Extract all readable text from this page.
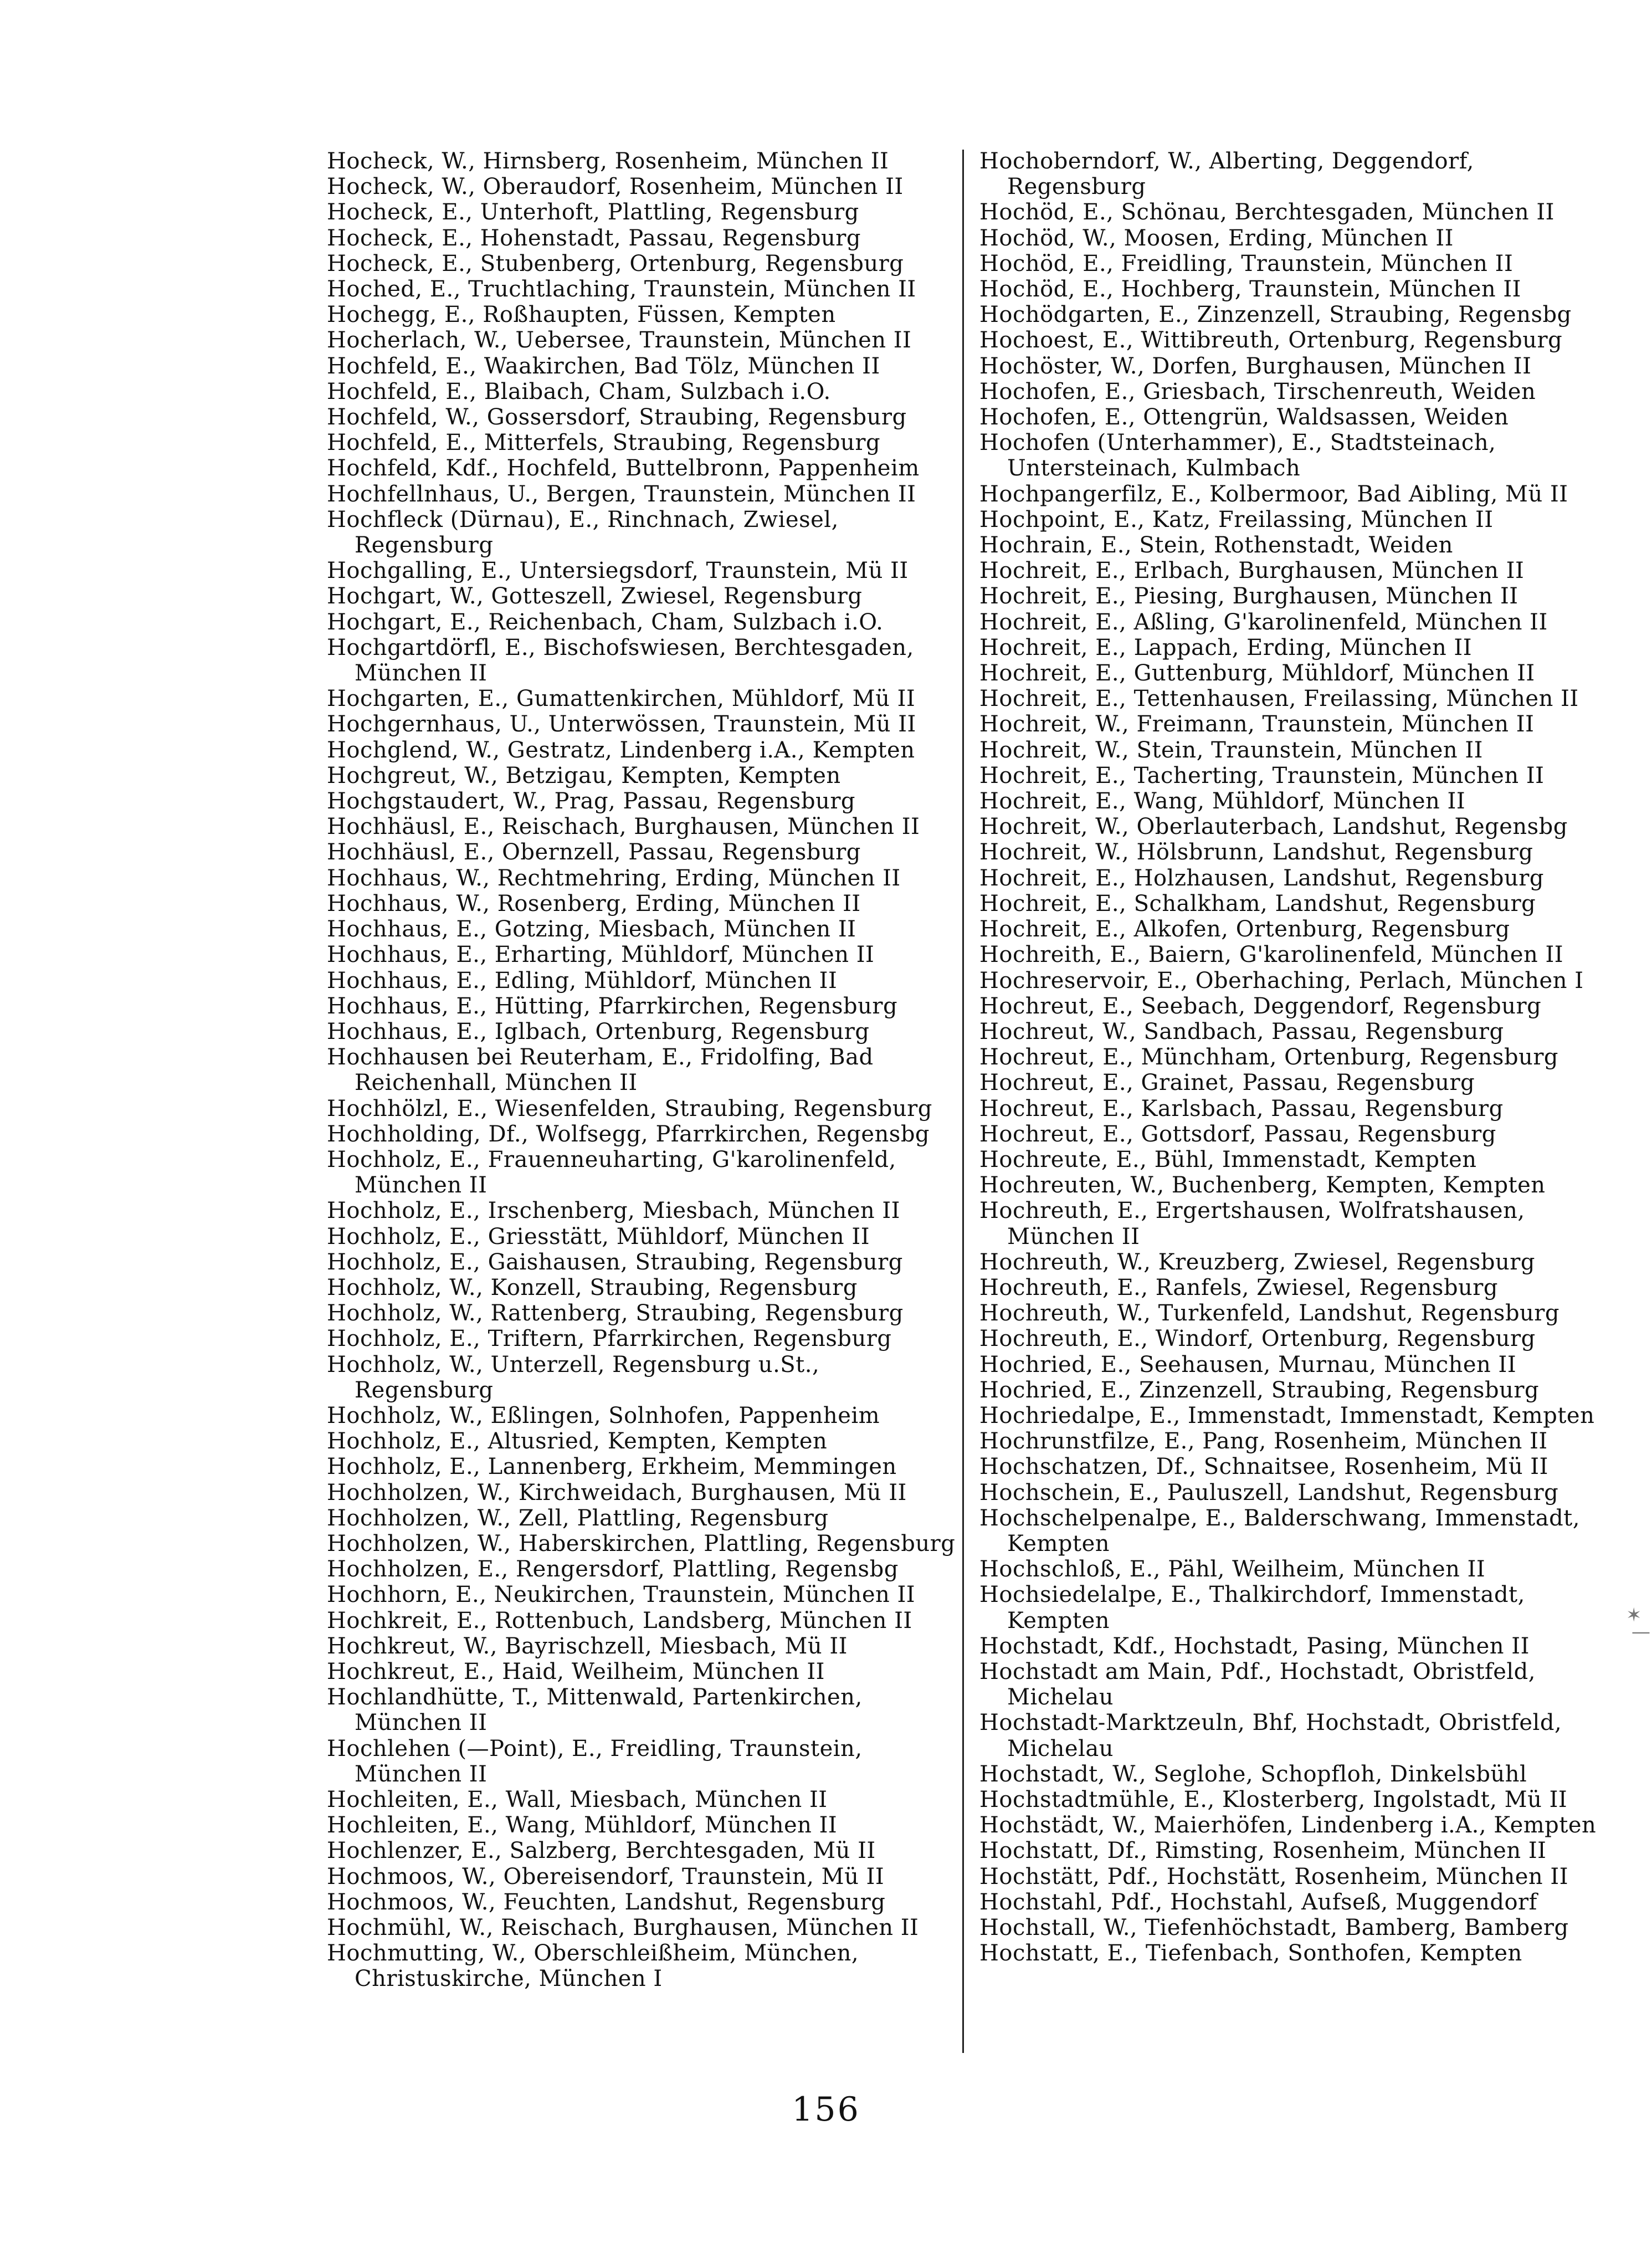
Hocheck, W., Hirnsberg, Rosenheim, München II

Hocheck, W., Oberaudorf, Rosenheim, München II

Hocheck, E., Unterhoft, Plattling, Regensburg

Hocheck, E., Hohenstadt, Passau, Regensburg

Hocheck, E., Stubenberg, Ortenburg, Regensburg

Hoched, E., Truchtlaching, Traunstein, München II

Hochegg, E., Roßhaupten, Füssen, Kempten

Hocherlach, W., Uebersee, Traunstein, München II

Hochfeld, E., Waakirchen, Bad Tölz, München II

Hochfeld, E., Blaibach, Cham, Sulzbach i.O.

Hochfeld, W., Gossersdorf, Straubing, Regensburg

Hochfeld, E., Mitterfels, Straubing, Regensburg

Hochfeld, Kdf., Hochfeld, Buttelbronn, Pappenheim

Hochfellnhaus, U., Bergen, Traunstein, München II

Hochfleck (Dürnau), E., Rinchnach, Zwiesel, Regensburg

Hochgalling, E., Untersiegsdorf, Traunstein, Mü II

Hochgart, W., Gotteszell, Zwiesel, Regensburg

Hochgart, E., Reichenbach, Cham, Sulzbach i.O.

Hochgartdörfl, E., Bischofswiesen, Berchtesgaden, München II

Hochgarten, E., Gumattenkirchen, Mühldorf, Mü II

Hochgernhaus, U., Unterwössen, Traunstein, Mü II

Hochglend, W., Gestratz, Lindenberg i.A., Kempten

Hochgreut, W., Betzigau, Kempten, Kempten

Hochgstaudert, W., Prag, Passau, Regensburg

Hochhäusl, E., Reischach, Burghausen, München II

Hochhäusl, E., Obernzell, Passau, Regensburg

Hochhaus, W., Rechtmehring, Erding, München II

Hochhaus, W., Rosenberg, Erding, München II

Hochhaus, E., Gotzing, Miesbach, München II

Hochhaus, E., Erharting, Mühldorf, München II

Hochhaus, E., Edling, Mühldorf, München II

Hochhaus, E., Hütting, Pfarrkirchen, Regensburg

Hochhaus, E., Iglbach, Ortenburg, Regensburg

Hochhausen bei Reuterham, E., Fridolfing, Bad Reichenhall, München II

Hochhölzl, E., Wiesenfelden, Straubing, Regensburg

Hochholding, Df., Wolfsegg, Pfarrkirchen, Regensbg

Hochholz, E., Frauenneuharting, G'karolinenfeld, München II

Hochholz, E., Irschenberg, Miesbach, München II

Hochholz, E., Griesstätt, Mühldorf, München II

Hochholz, E., Gaishausen, Straubing, Regensburg

Hochholz, W., Konzell, Straubing, Regensburg

Hochholz, W., Rattenberg, Straubing, Regensburg

Hochholz, E., Triftern, Pfarrkirchen, Regensburg

Hochholz, W., Unterzell, Regensburg u.St., Regensburg

Hochholz, W., Eßlingen, Solnhofen, Pappenheim

Hochholz, E., Altusried, Kempten, Kempten

Hochholz, E., Lannenberg, Erkheim, Memmingen

Hochholzen, W., Kirchweidach, Burghausen, Mü II

Hochholzen, W., Zell, Plattling, Regensburg

Hochholzen, W., Haberskirchen, Plattling, Regensburg

Hochholzen, E., Rengersdorf, Plattling, Regensbg

Hochhorn, E., Neukirchen, Traunstein, München II

Hochkreit, E., Rottenbuch, Landsberg, München II

Hochkreut, W., Bayrischzell, Miesbach, Mü II

Hochkreut, E., Haid, Weilheim, München II

Hochlandhütte, T., Mittenwald, Partenkirchen, München II

Hochlehen (—Point), E., Freidling, Traunstein, München II

Hochleiten, E., Wall, Miesbach, München II

Hochleiten, E., Wang, Mühldorf, München II

Hochlenzer, E., Salzberg, Berchtesgaden, Mü II

Hochmoos, W., Obereisendorf, Traunstein, Mü II

Hochmoos, W., Feuchten, Landshut, Regensburg

Hochmühl, W., Reischach, Burghausen, München II

Hochmutting, W., Oberschleißheim, München, Christuskirche, München I

Hochoberndorf, W., Alberting, Deggendorf, Regensburg

Hochöd, E., Schönau, Berchtesgaden, München II

Hochöd, W., Moosen, Erding, München II

Hochöd, E., Freidling, Traunstein, München II

Hochöd, E., Hochberg, Traunstein, München II

Hochödgarten, E., Zinzenzell, Straubing, Regensbg

Hochoest, E., Wittibreuth, Ortenburg, Regensburg

Hochöster, W., Dorfen, Burghausen, München II

Hochofen, E., Griesbach, Tirschenreuth, Weiden

Hochofen, E., Ottengrün, Waldsassen, Weiden

Hochofen (Unterhammer), E., Stadtsteinach, Untersteinach, Kulmbach

Hochpangerfilz, E., Kolbermoor, Bad Aibling, Mü II

Hochpoint, E., Katz, Freilassing, München II

Hochrain, E., Stein, Rothenstadt, Weiden

Hochreit, E., Erlbach, Burghausen, München II

Hochreit, E., Piesing, Burghausen, München II

Hochreit, E., Aßling, G'karolinenfeld, München II

Hochreit, E., Lappach, Erding, München II

Hochreit, E., Guttenburg, Mühldorf, München II

Hochreit, E., Tettenhausen, Freilassing, München II

Hochreit, W., Freimann, Traunstein, München II

Hochreit, W., Stein, Traunstein, München II

Hochreit, E., Tacherting, Traunstein, München II

Hochreit, E., Wang, Mühldorf, München II

Hochreit, W., Oberlauterbach, Landshut, Regensbg

Hochreit, W., Hölsbrunn, Landshut, Regensburg

Hochreit, E., Holzhausen, Landshut, Regensburg

Hochreit, E., Schalkham, Landshut, Regensburg

Hochreit, E., Alkofen, Ortenburg, Regensburg

Hochreith, E., Baiern, G'karolinenfeld, München II

Hochreservoir, E., Oberhaching, Perlach, München I

Hochreut, E., Seebach, Deggendorf, Regensburg

Hochreut, W., Sandbach, Passau, Regensburg

Hochreut, E., Münchham, Ortenburg, Regensburg

Hochreut, E., Grainet, Passau, Regensburg

Hochreut, E., Karlsbach, Passau, Regensburg

Hochreut, E., Gottsdorf, Passau, Regensburg

Hochreute, E., Bühl, Immenstadt, Kempten

Hochreuten, W., Buchenberg, Kempten, Kempten

Hochreuth, E., Ergertshausen, Wolfratshausen, München II

Hochreuth, W., Kreuzberg, Zwiesel, Regensburg

Hochreuth, E., Ranfels, Zwiesel, Regensburg

Hochreuth, W., Turkenfeld, Landshut, Regensburg

Hochreuth, E., Windorf, Ortenburg, Regensburg

Hochried, E., Seehausen, Murnau, München II

Hochried, E., Zinzenzell, Straubing, Regensburg

Hochriedalpe, E., Immenstadt, Immenstadt, Kempten

Hochrunstfilze, E., Pang, Rosenheim, München II

Hochschatzen, Df., Schnaitsee, Rosenheim, Mü II

Hochschein, E., Pauluszell, Landshut, Regensburg

Hochschelpenalpe, E., Balderschwang, Immenstadt, Kempten

Hochschloß, E., Pähl, Weilheim, München II

Hochsiedelalpe, E., Thalkirchdorf, Immenstadt, Kempten

Hochstadt, Kdf., Hochstadt, Pasing, München II

Hochstadt am Main, Pdf., Hochstadt, Obristfeld, Michelau

Hochstadt-Marktzeuln, Bhf, Hochstadt, Obristfeld, Michelau

Hochstadt, W., Seglohe, Schopfloh, Dinkelsbühl

Hochstadtmühle, E., Klosterberg, Ingolstadt, Mü II

Hochstädt, W., Maierhöfen, Lindenberg i.A., Kempten

Hochstatt, Df., Rimsting, Rosenheim, München II

Hochstätt, Pdf., Hochstätt, Rosenheim, München II

Hochstahl, Pdf., Hochstahl, Aufseß, Muggendorf

Hochstall, W., Tiefenhöchstadt, Bamberg, Bamberg

Hochstatt, E., Tiefenbach, Sonthofen, Kempten

156
✶
—
